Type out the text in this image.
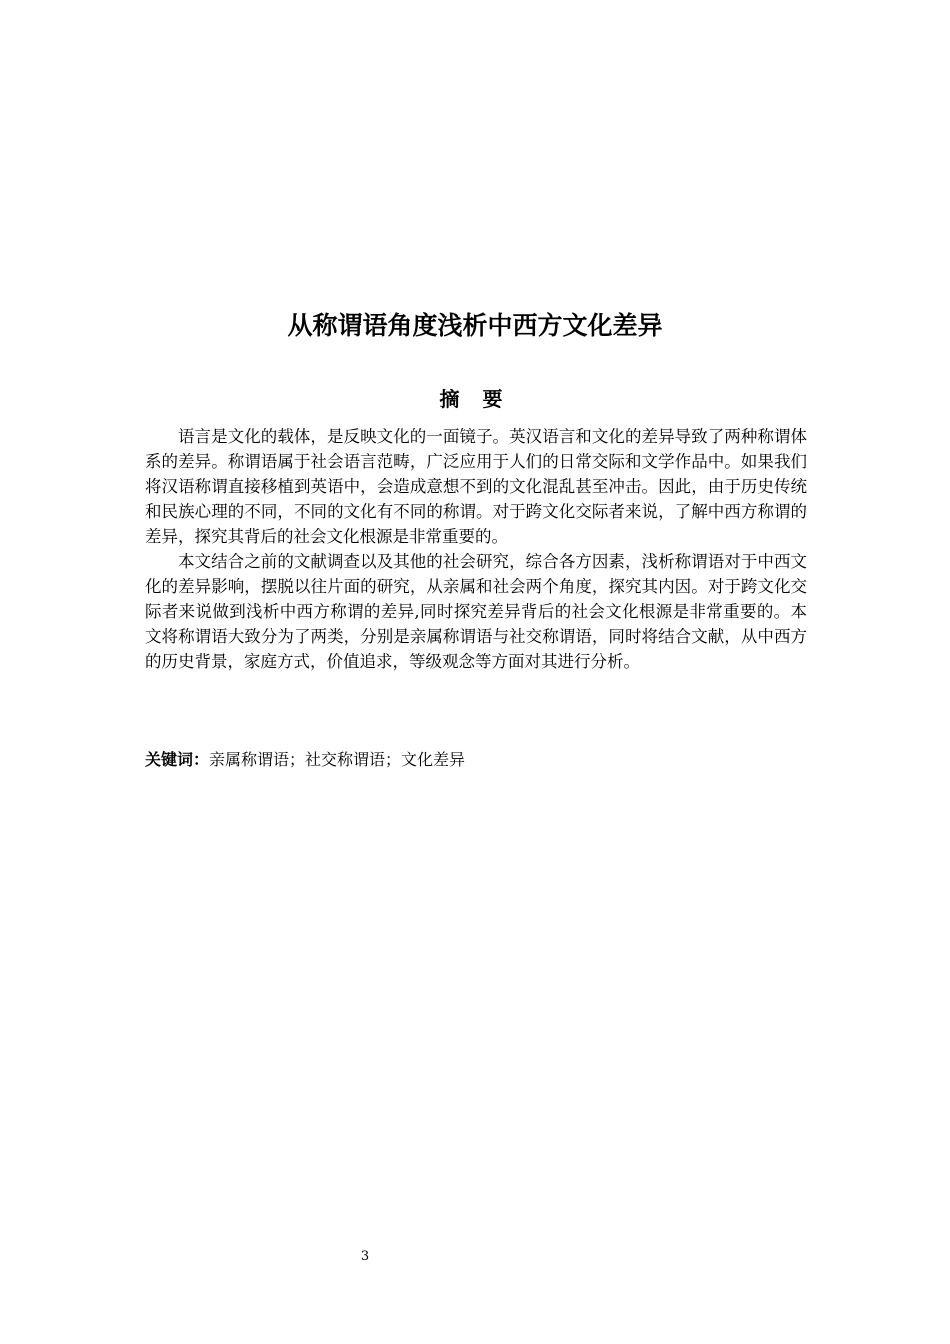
从称谓语角度浅析中西方文化差异
摘 要

语言是文化的载体，是反映文化的一面镜子。英汉语言和文化的差异导致了两种称谓体系的差异。称谓语属于社会语言范畴，广泛应用于人们的日常交际和文学作品中。如果我们将汉语称谓直接移植到英语中，会造成意想不到的文化混乱甚至冲击。因此，由于历史传统和民族心理的不同，不同的文化有不同的称谓。对于跨文化交际者来说，了解中西方称谓的差异，探究其背后的社会文化根源是非常重要的。

本文结合之前的文献调查以及其他的社会研究，综合各方因素，浅析称谓语对于中西文化的差异影响，摆脱以往片面的研究，从亲属和社会两个角度，探究其内因。对于跨文化交际者来说做到浅析中西方称谓的差异,同时探究差异背后的社会文化根源是非常重要的。本文将称谓语大致分为了两类，分别是亲属称谓语与社交称谓语，同时将结合文献，从中西方的历史背景，家庭方式，价值追求，等级观念等方面对其进行分析。

关键词：亲属称谓语；社交称谓语；文化差异

3
